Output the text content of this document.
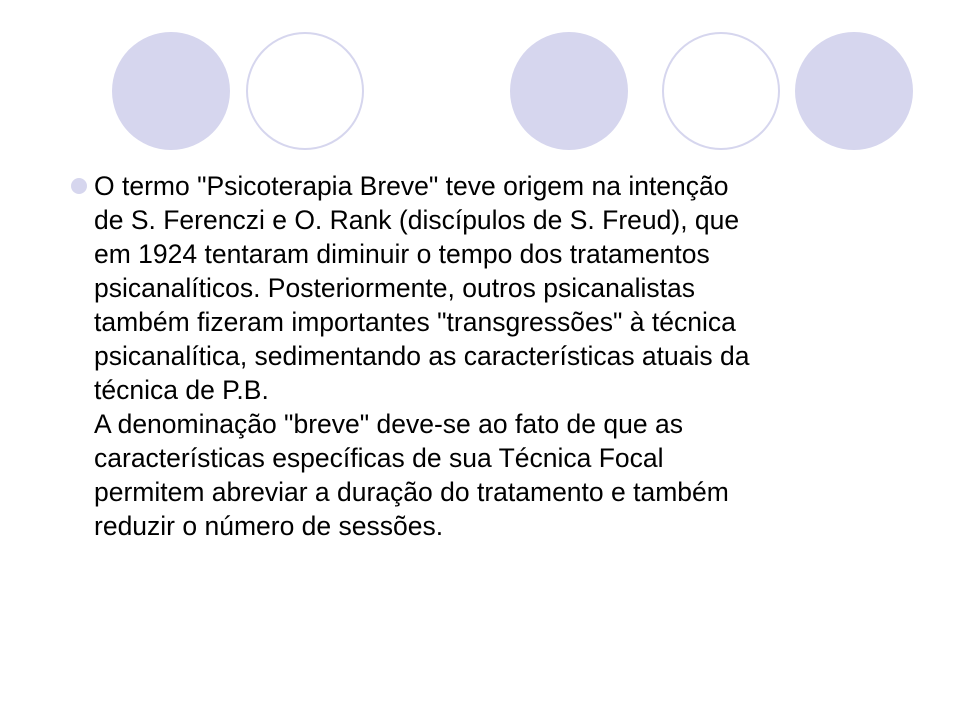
O termo "Psicoterapia Breve" teve origem na intenção
de S. Ferenczi e O. Rank (discípulos de S. Freud), que
em 1924 tentaram diminuir o tempo dos tratamentos
psicanalíticos. Posteriormente, outros psicanalistas
também fizeram importantes "transgressões" à técnica
psicanalítica, sedimentando as características atuais da
técnica de P.B.
A denominação "breve" deve-se ao fato de que as
características específicas de sua Técnica Focal
permitem abreviar a duração do tratamento e também
reduzir o número de sessões.
